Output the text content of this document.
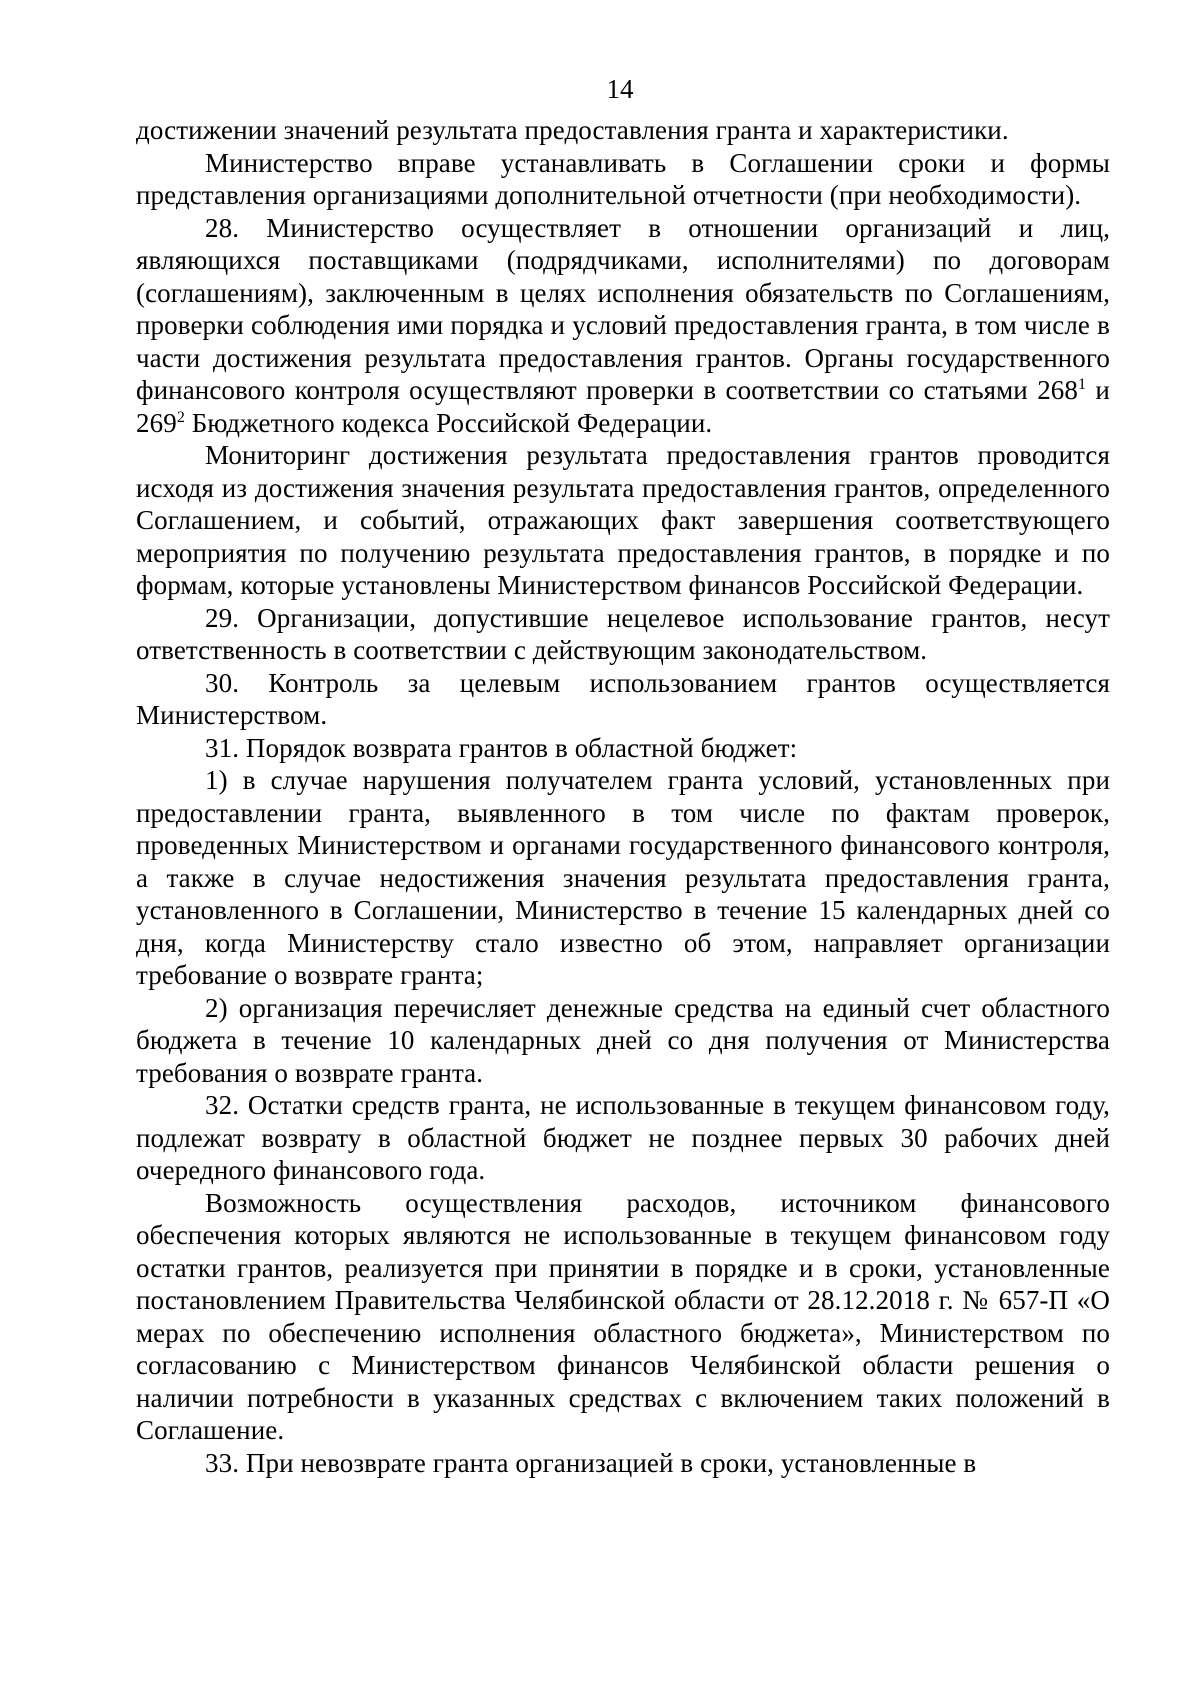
14

достижении значений результата предоставления гранта и характеристики.

Министерство вправе устанавливать в Соглашении сроки и формы представления организациями дополнительной отчетности (при необходимости).

28. Министерство осуществляет в отношении организаций и лиц, являющихся поставщиками (подрядчиками, исполнителями) по договорам (соглашениям), заключенным в целях исполнения обязательств по Соглашениям, проверки соблюдения ими порядка и условий предоставления гранта, в том числе в части достижения результата предоставления грантов. Органы государственного финансового контроля осуществляют проверки в соответствии со статьями $268^1$ и $269^2$ Бюджетного кодекса Российской Федерации.

Мониторинг достижения результата предоставления грантов проводится исходя из достижения значения результата предоставления грантов, определенного Соглашением, и событий, отражающих факт завершения соответствующего мероприятия по получению результата предоставления грантов, в порядке и по формам, которые установлены Министерством финансов Российской Федерации.

29. Организации, допустившие нецелевое использование грантов, несут ответственность в соответствии с действующим законодательством.

30. Контроль за целевым использованием грантов осуществляется Министерством.

31. Порядок возврата грантов в областной бюджет:

1) в случае нарушения получателем гранта условий, установленных при предоставлении гранта, выявленного в том числе по фактам проверок, проведенных Министерством и органами государственного финансового контроля, а также в случае недостижения значения результата предоставления гранта, установленного в Соглашении, Министерство в течение 15 календарных дней со дня, когда Министерству стало известно об этом, направляет организации требование о возврате гранта;

2) организация перечисляет денежные средства на единый счет областного бюджета в течение 10 календарных дней со дня получения от Министерства требования о возврате гранта.

32. Остатки средств гранта, не использованные в текущем финансовом году, подлежат возврату в областной бюджет не позднее первых 30 рабочих дней очередного финансового года.

Возможность осуществления расходов, источником финансового обеспечения которых являются не использованные в текущем финансовом году остатки грантов, реализуется при принятии в порядке и в сроки, установленные постановлением Правительства Челябинской области от 28.12.2018 г. № 657-П «О мерах по обеспечению исполнения областного бюджета», Министерством по согласованию с Министерством финансов Челябинской области решения о наличии потребности в указанных средствах с включением таких положений в Соглашение.

33. При невозврате гранта организацией в сроки, установленные в
